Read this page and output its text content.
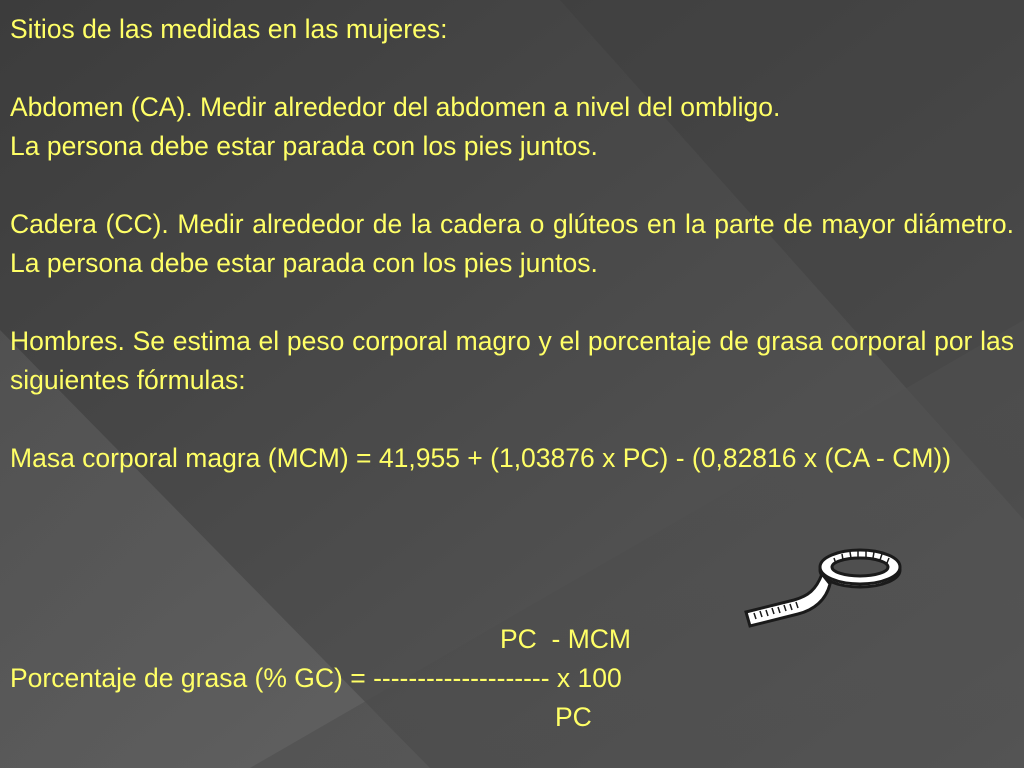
Sitios de las medidas en las mujeres:
Abdomen (CA). Medir alrededor del abdomen a nivel del ombligo.
La persona debe estar parada con los pies juntos.
Cadera (CC). Medir alrededor de la cadera o glúteos en la parte de mayor diámetro. La persona debe estar parada con los pies juntos.
Hombres. Se estima el peso corporal magro y el porcentaje de grasa corporal por las siguientes fórmulas:
Masa corporal magra (MCM) = 41,955 + (1,03876 x PC) - (0,82816 x (CA - CM))
PC  - MCM
Porcentaje de grasa (% GC) = -------------------- x 100
PC
